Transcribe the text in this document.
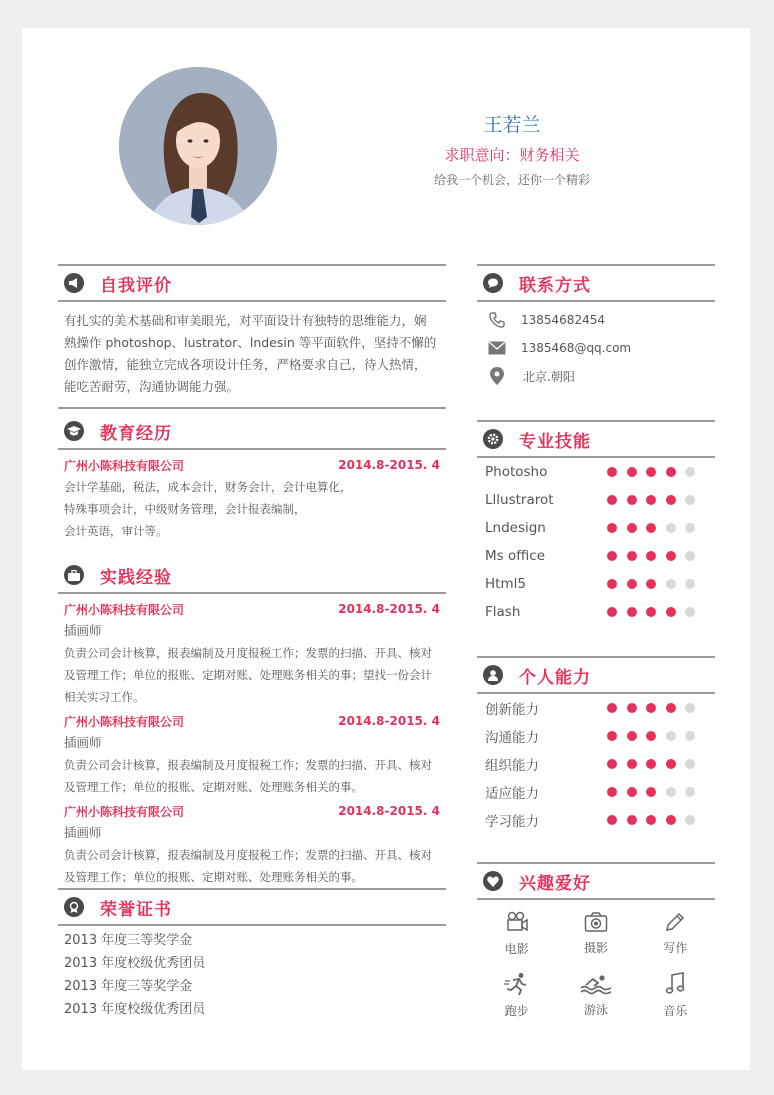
王若兰
求职意向：财务相关
给我一个机会，还你一个精彩
自我评价
有扎实的美术基础和审美眼光，对平面设计有独特的思维能力，娴
熟操作 photoshop、lustrator、lndesin 等平面软件，坚持不懈的
创作激情，能独立完成各项设计任务，严格要求自己，待人热情，
能吃苦耐劳，沟通协调能力强。
教育经历
广州小陈科技有限公司	2014.8-2015. 4
会计学基础，税法，成本会计，财务会计，会计电算化，
特殊事项会计，中级财务管理，会计报表编制，
会计英语，审计等。
实践经验
广州小陈科技有限公司	2014.8-2015. 4
插画师
负责公司会计核算，报表编制及月度报税工作；发票的扫描、开具、核对
及管理工作；单位的报账、定期对账、处理账务相关的事；望找一份会计
相关实习工作。
广州小陈科技有限公司	2014.8-2015. 4
插画师
负责公司会计核算，报表编制及月度报税工作；发票的扫描、开具、核对
及管理工作；单位的报账、定期对账、处理账务相关的事。
广州小陈科技有限公司	2014.8-2015. 4
插画师
负责公司会计核算，报表编制及月度报税工作；发票的扫描、开具、核对
及管理工作；单位的报账、定期对账、处理账务相关的事。
荣誉证书
2013 年度三等奖学金
2013 年度校级优秀团员
2013 年度三等奖学金
2013 年度校级优秀团员
联系方式
13854682454
1385468@qq.com
北京.朝阳
专业技能
Photosho
Lllustrarot
Lndesign
Ms office
Html5
Flash
个人能力
创新能力
沟通能力
组织能力
适应能力
学习能力
兴趣爱好
电影	摄影	写作
跑步	游泳	音乐
